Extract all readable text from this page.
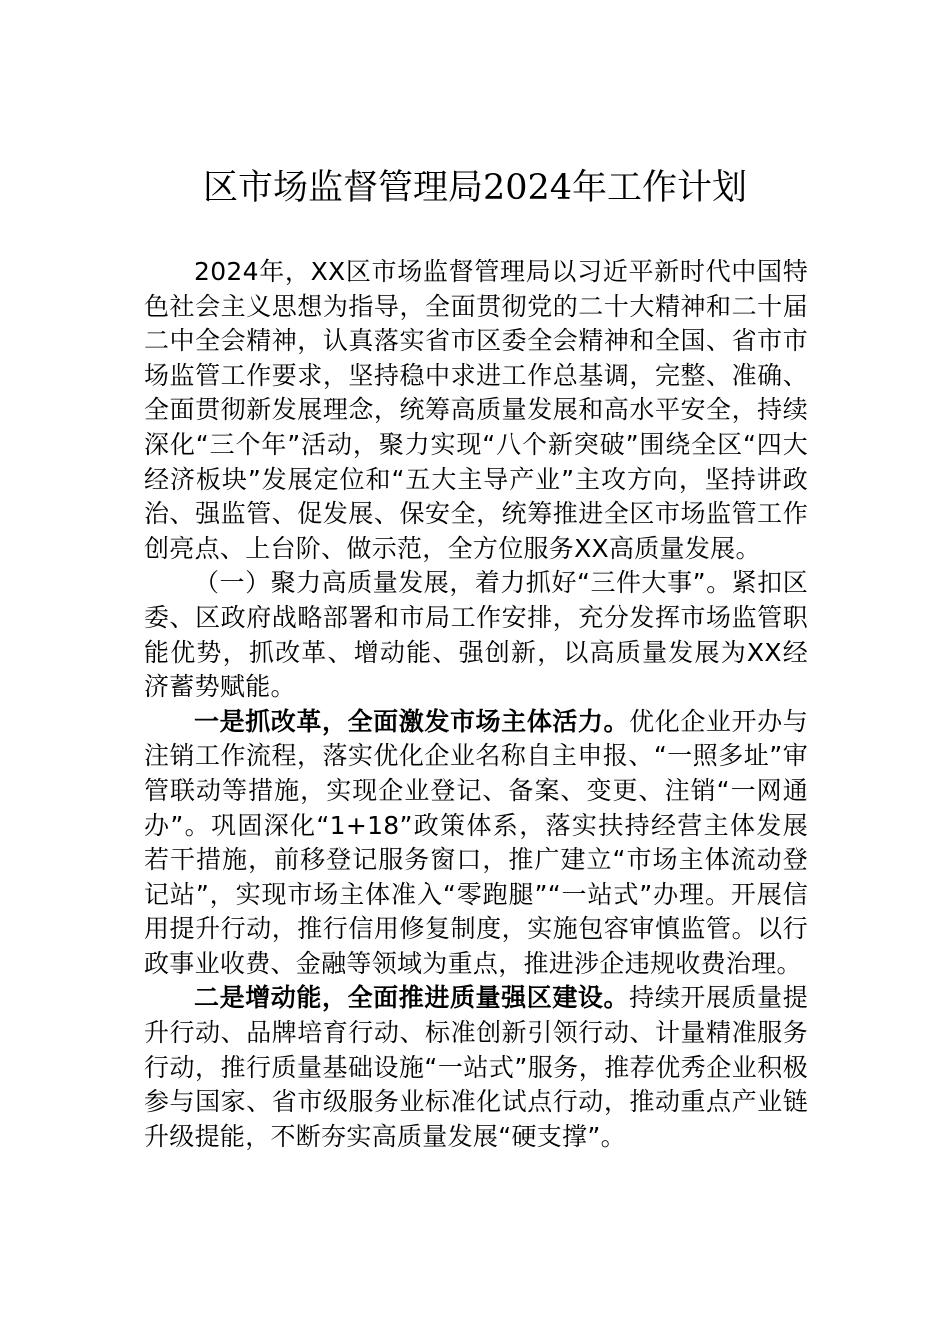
区市场监督管理局2024年工作计划

2024年，XX区市场监督管理局以习近平新时代中国特色社会主义思想为指导，全面贯彻党的二十大精神和二十届二中全会精神，认真落实省市区委全会精神和全国、省市市场监管工作要求，坚持稳中求进工作总基调，完整、准确、全面贯彻新发展理念，统筹高质量发展和高水平安全，持续深化“三个年”活动，聚力实现“八个新突破”围绕全区“四大经济板块”发展定位和“五大主导产业”主攻方向，坚持讲政治、强监管、促发展、保安全，统筹推进全区市场监管工作创亮点、上台阶、做示范，全方位服务XX高质量发展。

（一）聚力高质量发展，着力抓好“三件大事”。紧扣区委、区政府战略部署和市局工作安排，充分发挥市场监管职能优势，抓改革、增动能、强创新，以高质量发展为XX经济蓄势赋能。

一是抓改革，全面激发市场主体活力。优化企业开办与注销工作流程，落实优化企业名称自主申报、“一照多址”审管联动等措施，实现企业登记、备案、变更、注销“一网通办”。巩固深化“1+18”政策体系，落实扶持经营主体发展若干措施，前移登记服务窗口，推广建立“市场主体流动登记站”，实现市场主体准入“零跑腿”“一站式”办理。开展信用提升行动，推行信用修复制度，实施包容审慎监管。以行政事业收费、金融等领域为重点，推进涉企违规收费治理。

二是增动能，全面推进质量强区建设。持续开展质量提升行动、品牌培育行动、标准创新引领行动、计量精准服务行动，推行质量基础设施“一站式”服务，推荐优秀企业积极参与国家、省市级服务业标准化试点行动，推动重点产业链升级提能，不断夯实高质量发展“硬支撑”。
